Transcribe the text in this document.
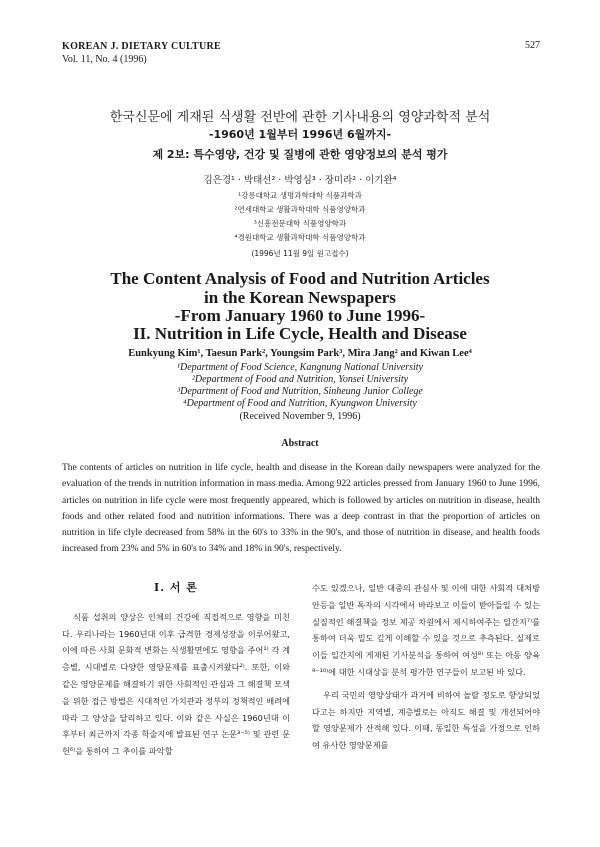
KOREAN J. DIETARY CULTURE
Vol. 11, No. 4 (1996)
527
한국신문에 게재된 식생활 전반에 관한 기사내용의 영양과학적 분석
-1960년 1월부터 1996년 6월까지-
제 2보: 특수영양, 건강 및 질병에 관한 영양정보의 분석 평가
김은경¹ · 박태선² · 박영심³ · 장미라² · 이기완⁴
¹강릉대학교 생명과학대학 식품과학과
²연세대학교 생활과학대학 식품영양학과
³신흥전문대학 식품영양학과
⁴경원대학교 생활과학대학 식품영양학과
(1996년 11월 9일 원고접수)
The Content Analysis of Food and Nutrition Articles
in the Korean Newspapers
-From January 1960 to June 1996-
II. Nutrition in Life Cycle, Health and Disease
Eunkyung Kim¹, Taesun Park², Youngsim Park³, Mira Jang² and Kiwan Lee⁴
¹Department of Food Science, Kangnung National University
²Department of Food and Nutrition, Yonsei University
³Department of Food and Nutrition, Sinheung Junior College
⁴Department of Food and Nutrition, Kyungwon University
(Received November 9, 1996)
Abstract

The contents of articles on nutrition in life cycle, health and disease in the Korean daily newspapers were analyzed for the evaluation of the trends in nutrition information in mass media. Among 922 articles pressed from January 1960 to June 1996, articles on nutrition in life cycle were most frequently appeared, which is followed by articles on nutrition in disease, health foods and other related food and nutrition informations. There was a deep contrast in that the proportion of articles on nutrition in life clyle decreased from 58% in the 60's to 33% in the 90's, and those of nutrition in disease, and health foods increased from 23% and 5% in 60's to 34% and 18% in 90's, respectively.

I. 서 론

식품 섭취의 양상은 인체의 건강에 직접적으로 영향을 미친다. 우리나라는 1960년대 이후 급격한 경제성장을 이루어왔고, 이에 따른 사회 문화적 변화는 식생활면에도 영향을 주어¹⁾ 각 계층별, 시대별로 다양한 영양문제를 표출시켜왔다²⁾. 또한, 이와 같은 영양문제를 해결하기 위한 사회적인 관심과 그 해결책 모색을 위한 접근 방법은 시대적인 가치관과 정부의 정책적인 배려에 따라 그 양상을 달리하고 있다. 이와 같은 사실은 1960년대 이후부터 최근까지 각종 학술지에 발표된 연구 논문³⁻⁵⁾ 및 관련 문헌⁶⁾을 통하여 그 추이를 파악할

수도 있겠으나, 일반 대중의 관심사 및 이에 대한 사회적 대처방안등을 일반 독자의 시각에서 바라보고 이들이 받아들일 수 있는 실질적인 해결책을 정보 제공 차원에서 제시하여주는 일간지⁷⁾를 통하여 더욱 밀도 깊게 이해할 수 있을 것으로 추측된다. 실제로 이들 일간지에 게재된 기사분석을 통하여 여성⁸⁾ 또는 아동 양육⁹⁻¹⁰⁾에 대한 시대상을 분석 평가한 연구들이 보고된 바 있다.

우리 국민의 영양상태가 과거에 비하여 놀랄 정도로 향상되었다고는 하지만 지역별, 계층별로는 아직도 해결 및 개선되어야 할 영양문제가 산적해 있다. 이때, 동일한 특성을 가정으로 인하여 유사한 영양문제를
